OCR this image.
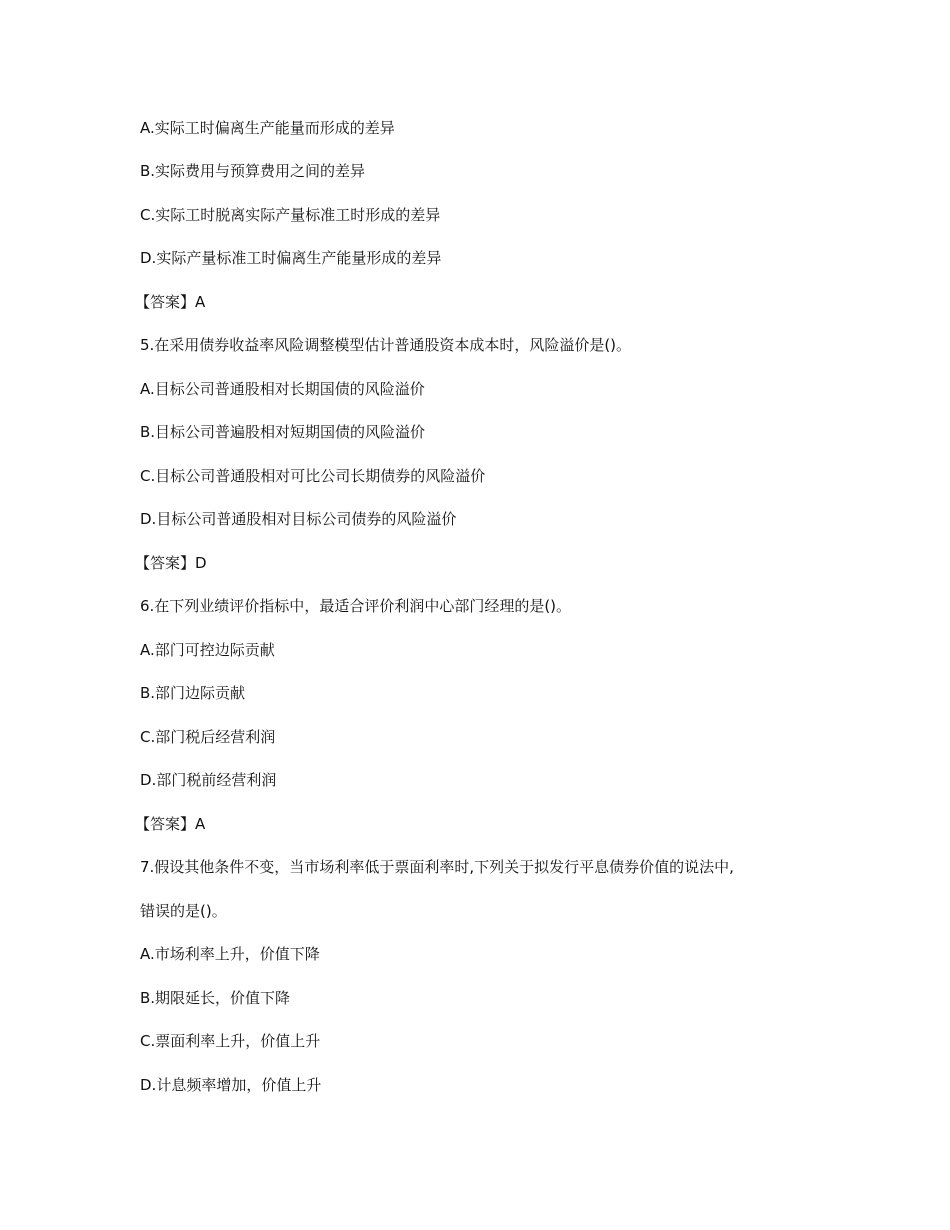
A.实际工时偏离生产能量而形成的差异
B.实际费用与预算费用之间的差异
C.实际工时脱离实际产量标准工时形成的差异
D.实际产量标准工时偏离生产能量形成的差异
【答案】A
5.在采用债券收益率风险调整模型估计普通股资本成本时，风险溢价是()。
A.目标公司普通股相对长期国债的风险溢价
B.目标公司普遍股相对短期国债的风险溢价
C.目标公司普通股相对可比公司长期债券的风险溢价
D.目标公司普通股相对目标公司债券的风险溢价
【答案】D
6.在下列业绩评价指标中，最适合评价利润中心部门经理的是()。
A.部门可控边际贡献
B.部门边际贡献
C.部门税后经营利润
D.部门税前经营利润
【答案】A
7.假设其他条件不变，当市场利率低于票面利率时,下列关于拟发行平息债券价值的说法中,
错误的是()。
A.市场利率上升，价值下降
B.期限延长，价值下降
C.票面利率上升，价值上升
D.计息频率增加，价值上升
